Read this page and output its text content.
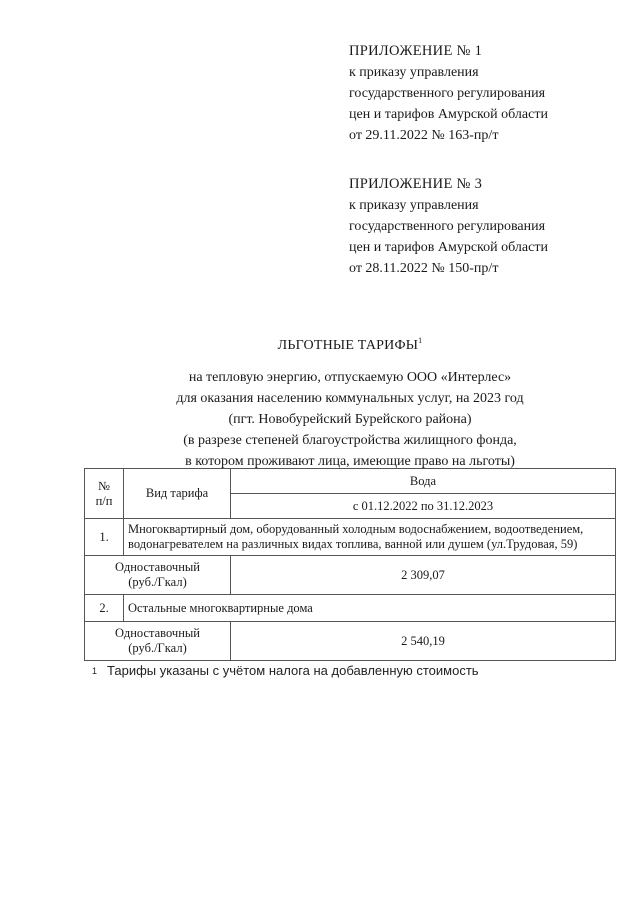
ПРИЛОЖЕНИЕ № 1
к приказу управления
государственного регулирования
цен и тарифов Амурской области
от 29.11.2022 № 163-пр/т
ПРИЛОЖЕНИЕ № 3
к приказу управления
государственного регулирования
цен и тарифов Амурской области
от 28.11.2022 № 150-пр/т
ЛЬГОТНЫЕ ТАРИФЫ$^1$
на тепловую энергию, отпускаемую ООО «Интерлес»
для оказания населению коммунальных услуг, на 2023 год
(пгт. Новобурейский Бурейского района)
(в разрезе степеней благоустройства жилищного фонда,
в котором проживают лица, имеющие право на льготы)
№
п/п	Вид тарифа	Вода
		с 01.12.2022 по 31.12.2023
1.	Многоквартирный дом, оборудованный холодным водоснабжением, водоотведением, водонагревателем на различных видах топлива, ванной или душем (ул.Трудовая, 59)	

Одноставочный
(руб./Гкал)		2 309,07
2.	Остальные многоквартирные дома	

Одноставочный
(руб./Гкал)		2 540,19
1 Тарифы указаны с учётом налога на добавленную стоимость
